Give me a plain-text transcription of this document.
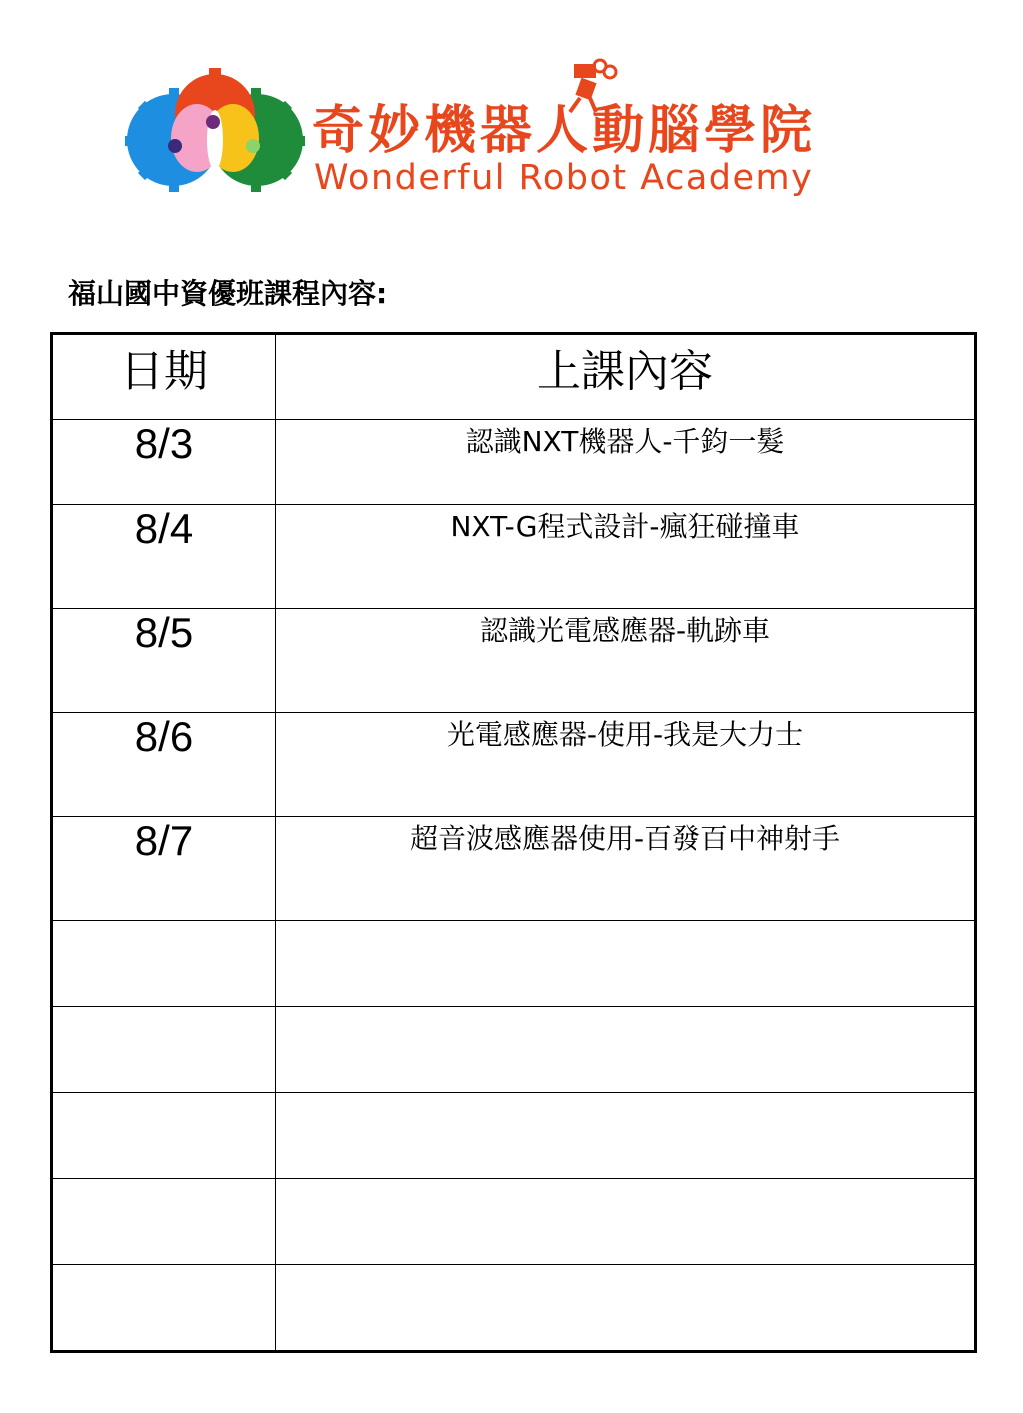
奇妙機器人動腦學院
Wonderful Robot Academy
福山國中資優班課程內容:
日期	上課內容
8/3	認識NXT機器人-千鈞一髮
8/4	NXT-G程式設計-瘋狂碰撞車
8/5	認識光電感應器-軌跡車
8/6	光電感應器-使用-我是大力士
8/7	超音波感應器使用-百發百中神射手
